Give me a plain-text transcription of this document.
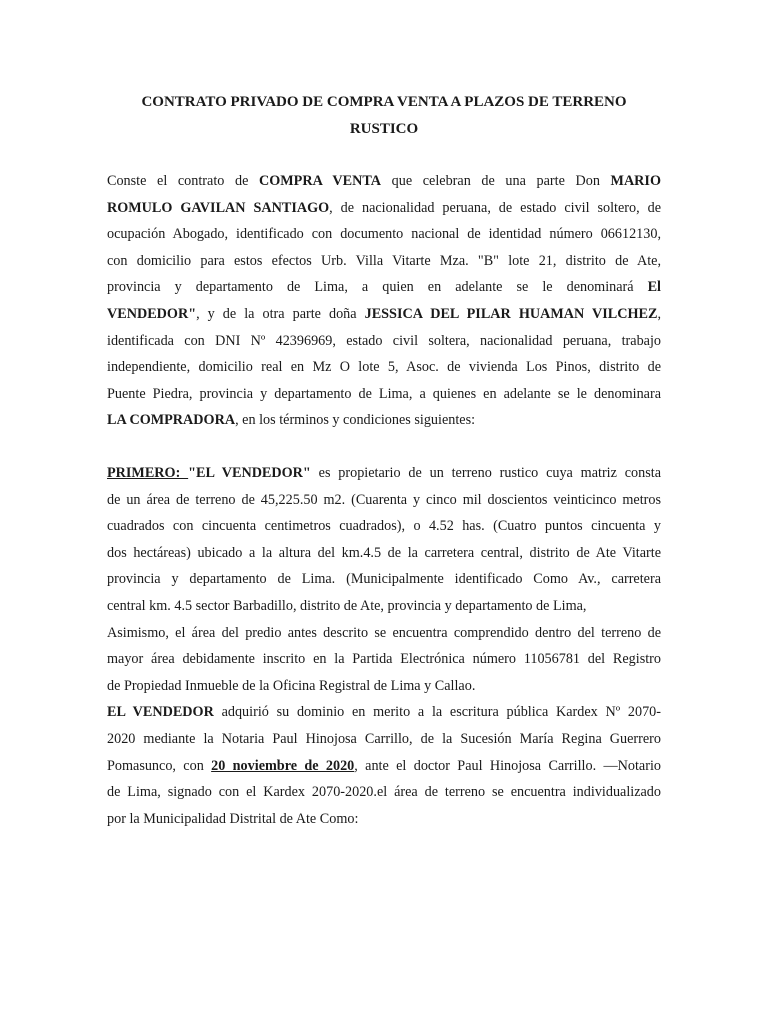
CONTRATO PRIVADO DE COMPRA VENTA A PLAZOS DE TERRENO
RUSTICO
Conste el contrato de COMPRA VENTA que celebran de una parte Don MARIO
ROMULO GAVILAN SANTIAGO, de nacionalidad peruana, de estado civil soltero, de
ocupación Abogado, identificado con documento nacional de identidad número 06612130,
con domicilio para estos efectos Urb. Villa Vitarte Mza. "B" lote 21, distrito de Ate,
provincia y departamento de Lima, a quien en adelante se le denominará El
VENDEDOR", y de la otra parte doña JESSICA DEL PILAR HUAMAN VILCHEZ,
identificada con DNI Nº 42396969, estado civil soltera, nacionalidad peruana, trabajo
independiente, domicilio real en Mz O lote 5, Asoc. de vivienda Los Pinos, distrito de
Puente Piedra, provincia y departamento de Lima, a quienes en adelante se le denominara
LA COMPRADORA, en los términos y condiciones siguientes:
PRIMERO: "EL VENDEDOR" es propietario de un terreno rustico cuya matriz consta
de un área de terreno de 45,225.50 m2. (Cuarenta y cinco mil doscientos veinticinco metros
cuadrados con cincuenta centimetros cuadrados), o 4.52 has. (Cuatro puntos cincuenta y
dos hectáreas) ubicado a la altura del km.4.5 de la carretera central, distrito de Ate Vitarte
provincia y departamento de Lima. (Municipalmente identificado Como Av., carretera
central km. 4.5 sector Barbadillo, distrito de Ate, provincia y departamento de Lima,
Asimismo, el área del predio antes descrito se encuentra comprendido dentro del terreno de
mayor área debidamente inscrito en la Partida Electrónica número 11056781 del Registro
de Propiedad Inmueble de la Oficina Registral de Lima y Callao.
EL VENDEDOR adquirió su dominio en merito a la escritura pública Kardex Nº 2070-
2020 mediante la Notaria Paul Hinojosa Carrillo, de la Sucesión María Regina Guerrero
Pomasunco, con 20 noviembre de 2020, ante el doctor Paul Hinojosa Carrillo. —Notario
de Lima, signado con el Kardex 2070-2020.el área de terreno se encuentra individualizado
por la Municipalidad Distrital de Ate Como:
